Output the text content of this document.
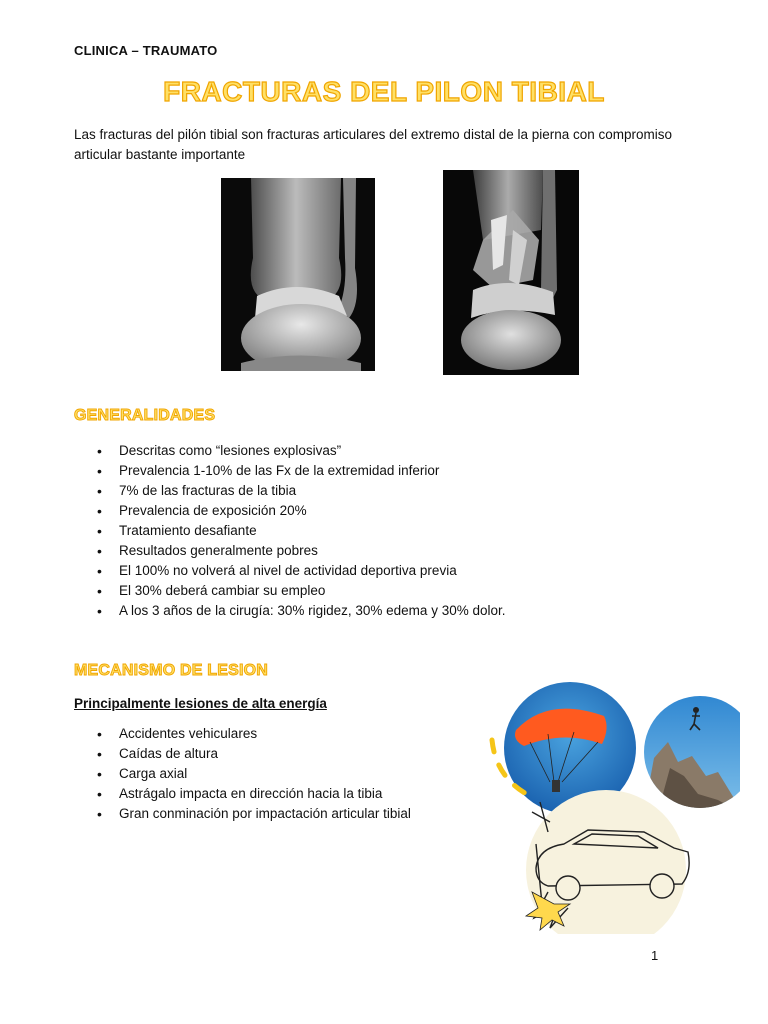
CLINICA – TRAUMATO
FRACTURAS DEL PILON TIBIAL
Las fracturas del pilón tibial son fracturas articulares del extremo distal de la pierna con compromiso articular bastante importante
GENERALIDADES
• Descritas como “lesiones explosivas”
• Prevalencia 1-10% de las Fx de la extremidad inferior
• 7% de las fracturas de la tibia
• Prevalencia de exposición 20%
• Tratamiento desafiante
• Resultados generalmente pobres
• El 100% no volverá al nivel de actividad deportiva previa
• El 30% deberá cambiar su empleo
• A los 3 años de la cirugía: 30% rigidez, 30% edema y 30% dolor.
MECANISMO DE LESION
Principalmente lesiones de alta energía
• Accidentes vehiculares
• Caídas de altura
• Carga axial
• Astrágalo impacta en dirección hacia la tibia
• Gran conminación por impactación articular tibial
1
